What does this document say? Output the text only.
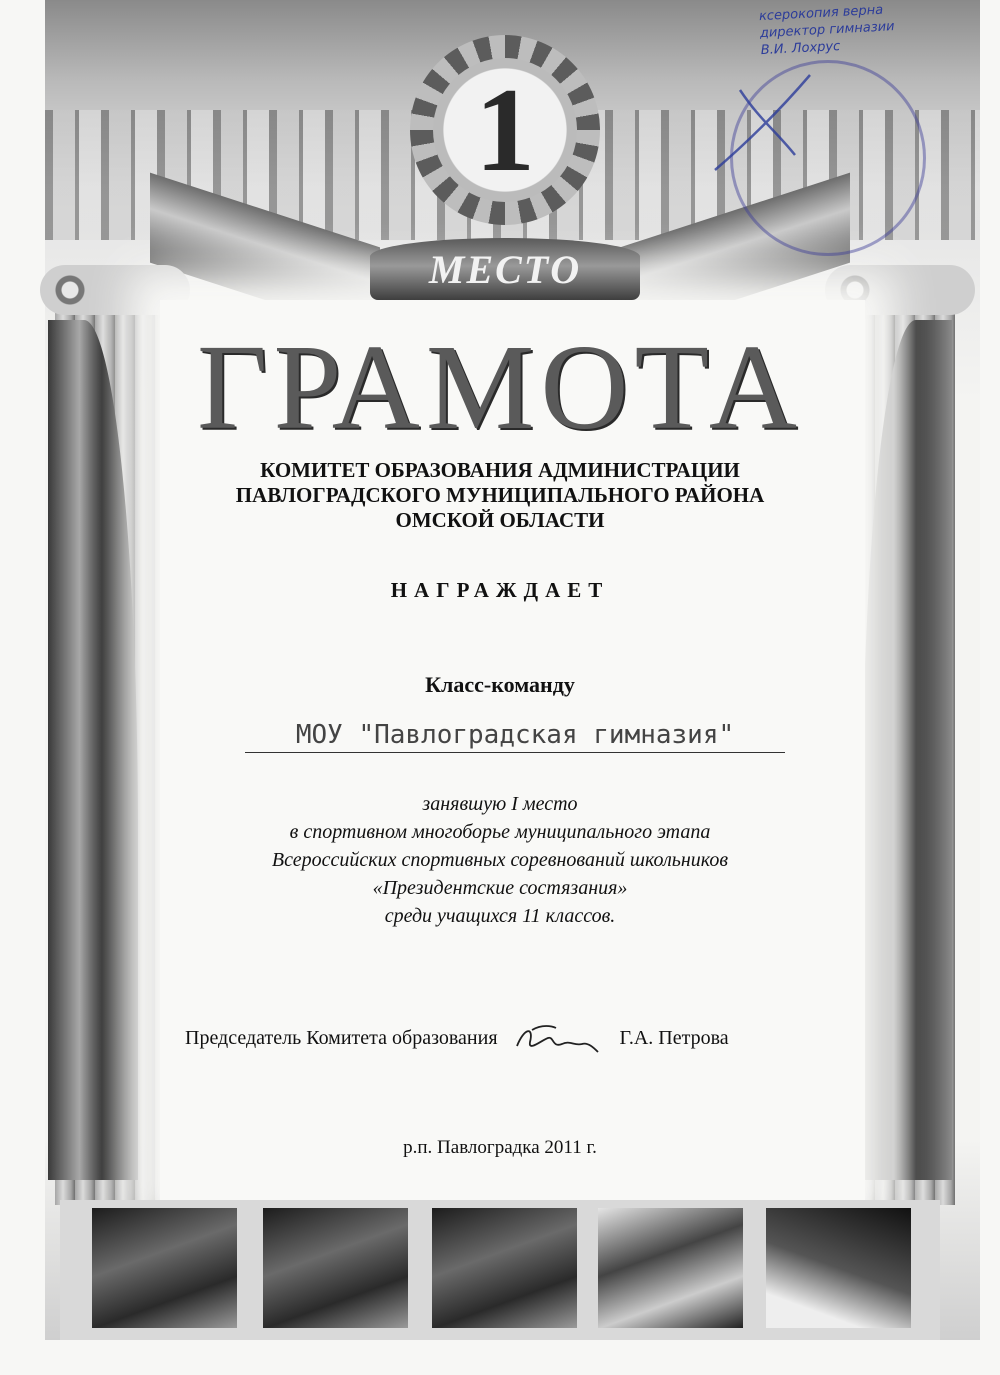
ксерокопия верна
директор гимназии
В.И. Лохрус
1
МЕСТО
ГРАМОТА
КОМИТЕТ ОБРАЗОВАНИЯ АДМИНИСТРАЦИИ
ПАВЛОГРАДСКОГО МУНИЦИПАЛЬНОГО РАЙОНА
ОМСКОЙ ОБЛАСТИ
НАГРАЖДАЕТ
Класс-команду
МОУ "Павлоградская гимназия"
занявшую I место
в спортивном многоборье муниципального этапа
Всероссийских спортивных соревнований школьников
«Президентские состязания»
среди учащихся 11 классов.
Председатель Комитета образования	Г.А. Петрова
р.п. Павлоградка 2011 г.
